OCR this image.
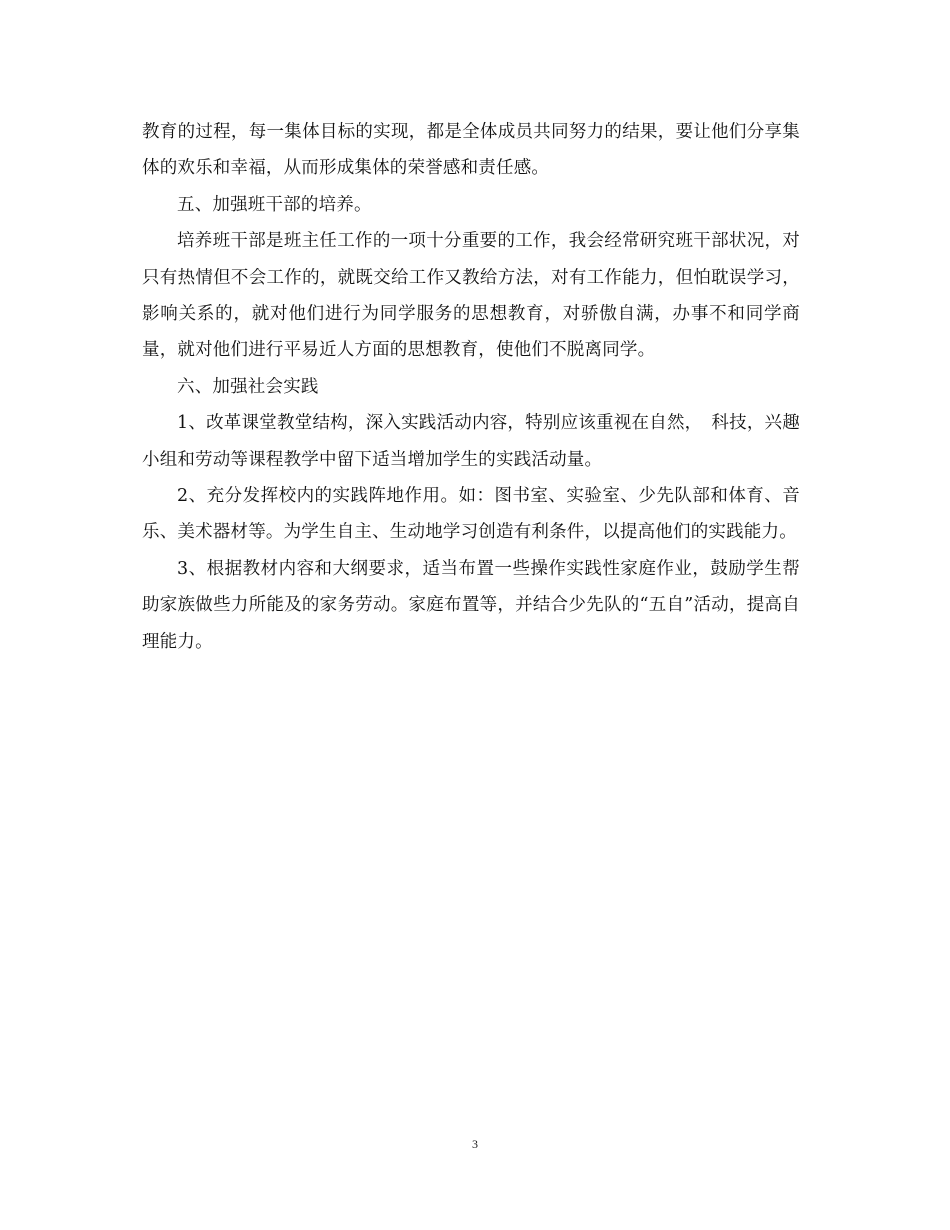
教育的过程，每一集体目标的实现，都是全体成员共同努力的结果，要让他们分享集体的欢乐和幸福，从而形成集体的荣誉感和责任感。

五、加强班干部的培养。

培养班干部是班主任工作的一项十分重要的工作，我会经常研究班干部状况，对只有热情但不会工作的，就既交给工作又教给方法，对有工作能力，但怕耽误学习，影响关系的，就对他们进行为同学服务的思想教育，对骄傲自满，办事不和同学商量，就对他们进行平易近人方面的思想教育，使他们不脱离同学。

六、加强社会实践

1、改革课堂教堂结构，深入实践活动内容，特别应该重视在自然，　科技，兴趣小组和劳动等课程教学中留下适当增加学生的实践活动量。

2、充分发挥校内的实践阵地作用。如：图书室、实验室、少先队部和体育、音乐、美术器材等。为学生自主、生动地学习创造有利条件，以提高他们的实践能力。

3、根据教材内容和大纲要求，适当布置一些操作实践性家庭作业，鼓励学生帮助家族做些力所能及的家务劳动。家庭布置等，并结合少先队的“五自”活动，提高自理能力。

3
